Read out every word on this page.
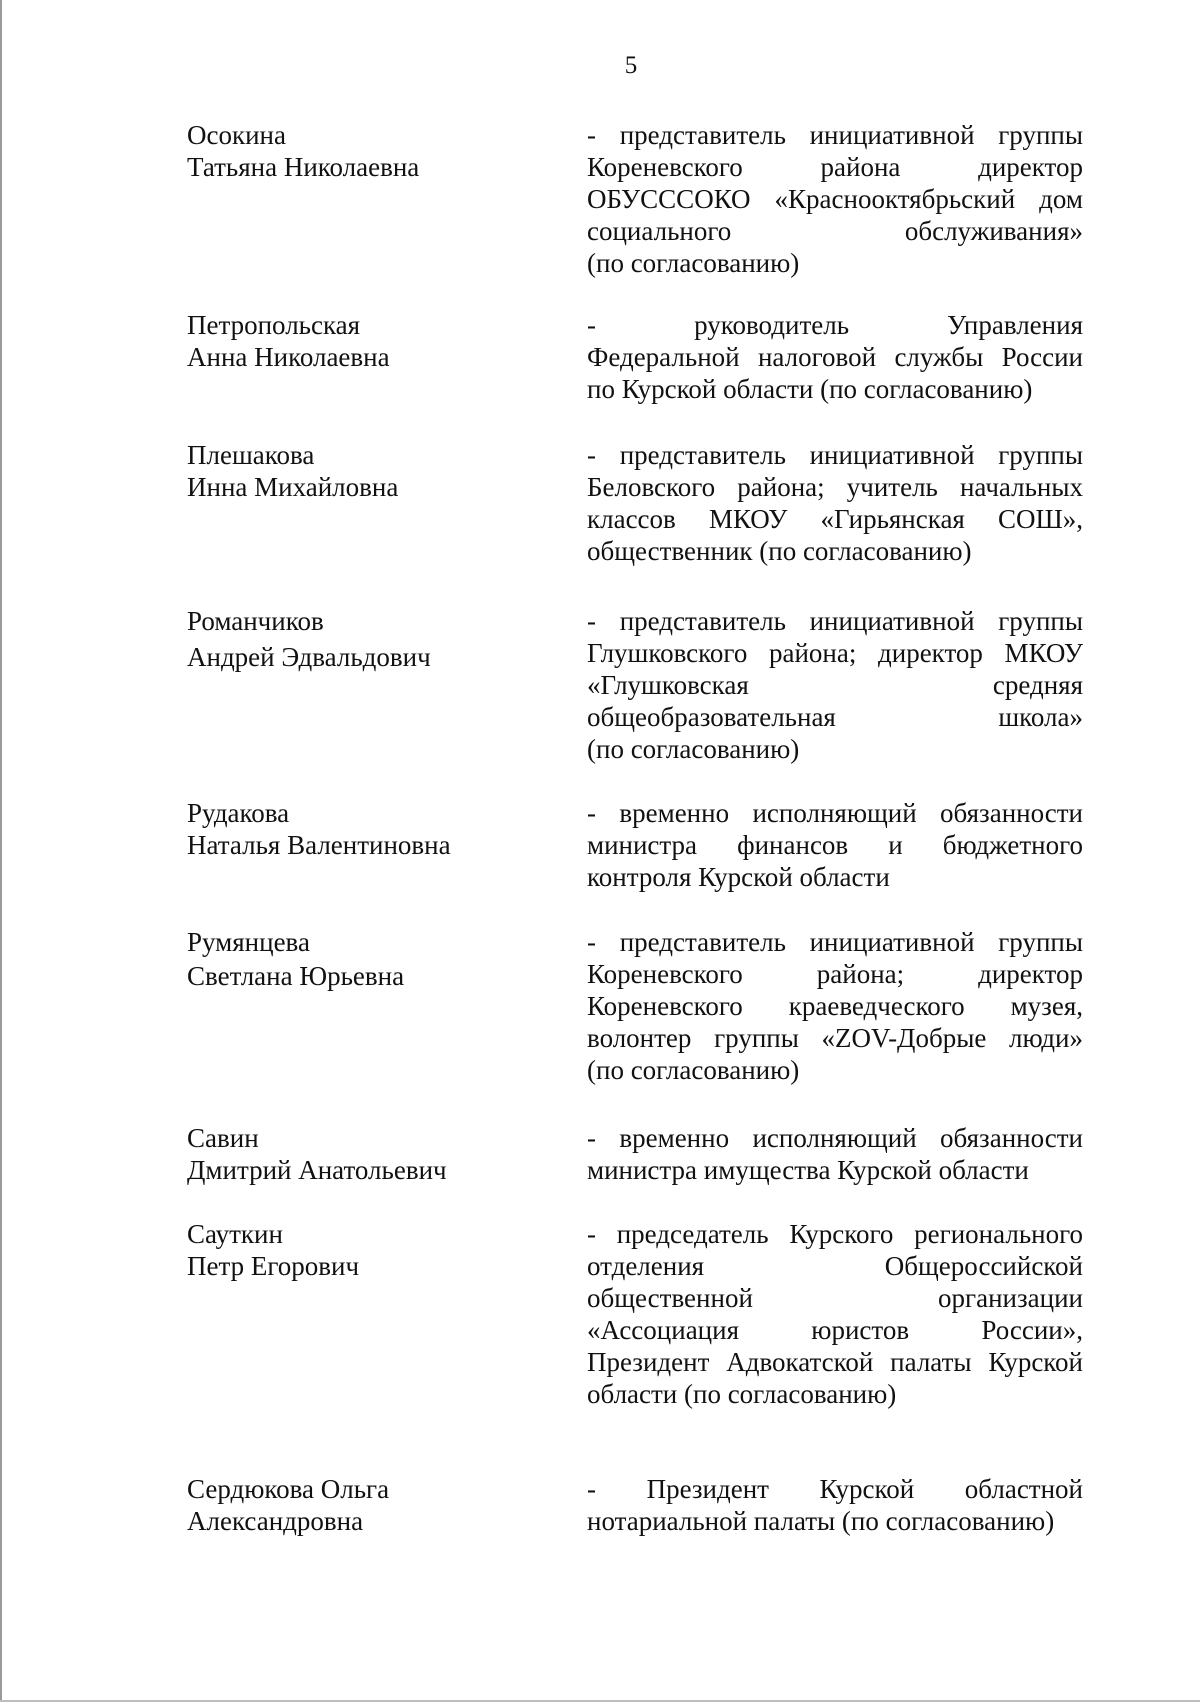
5
Осокина
Татьяна Николаевна
- представитель инициативной группы
Кореневского района директор
ОБУСССОКО «Краснооктябрьский дом
социального обслуживания»
(по согласованию)
Петропольская
Анна Николаевна
- руководитель Управления
Федеральной налоговой службы России
по Курской области (по согласованию)
Плешакова
Инна Михайловна
- представитель инициативной группы
Беловского района; учитель начальных
классов МКОУ «Гирьянская СОШ»,
общественник (по согласованию)
Романчиков
Андрей Эдвальдович
- представитель инициативной группы
Глушковского района; директор МКОУ
«Глушковская средняя
общеобразовательная школа»
(по согласованию)
Рудакова
Наталья Валентиновна
- временно исполняющий обязанности
министра финансов и бюджетного
контроля Курской области
Румянцева
Светлана Юрьевна
- представитель инициативной группы
Кореневского района; директор
Кореневского краеведческого музея,
волонтер группы «ZOV-Добрые люди»
(по согласованию)
Савин
Дмитрий Анатольевич
- временно исполняющий обязанности
министра имущества Курской области
Сауткин
Петр Егорович
- председатель Курского регионального
отделения Общероссийской
общественной организации
«Ассоциация юристов России»,
Президент Адвокатской палаты Курской
области (по согласованию)
Сердюкова Ольга
Александровна
- Президент Курской областной
нотариальной палаты (по согласованию)
